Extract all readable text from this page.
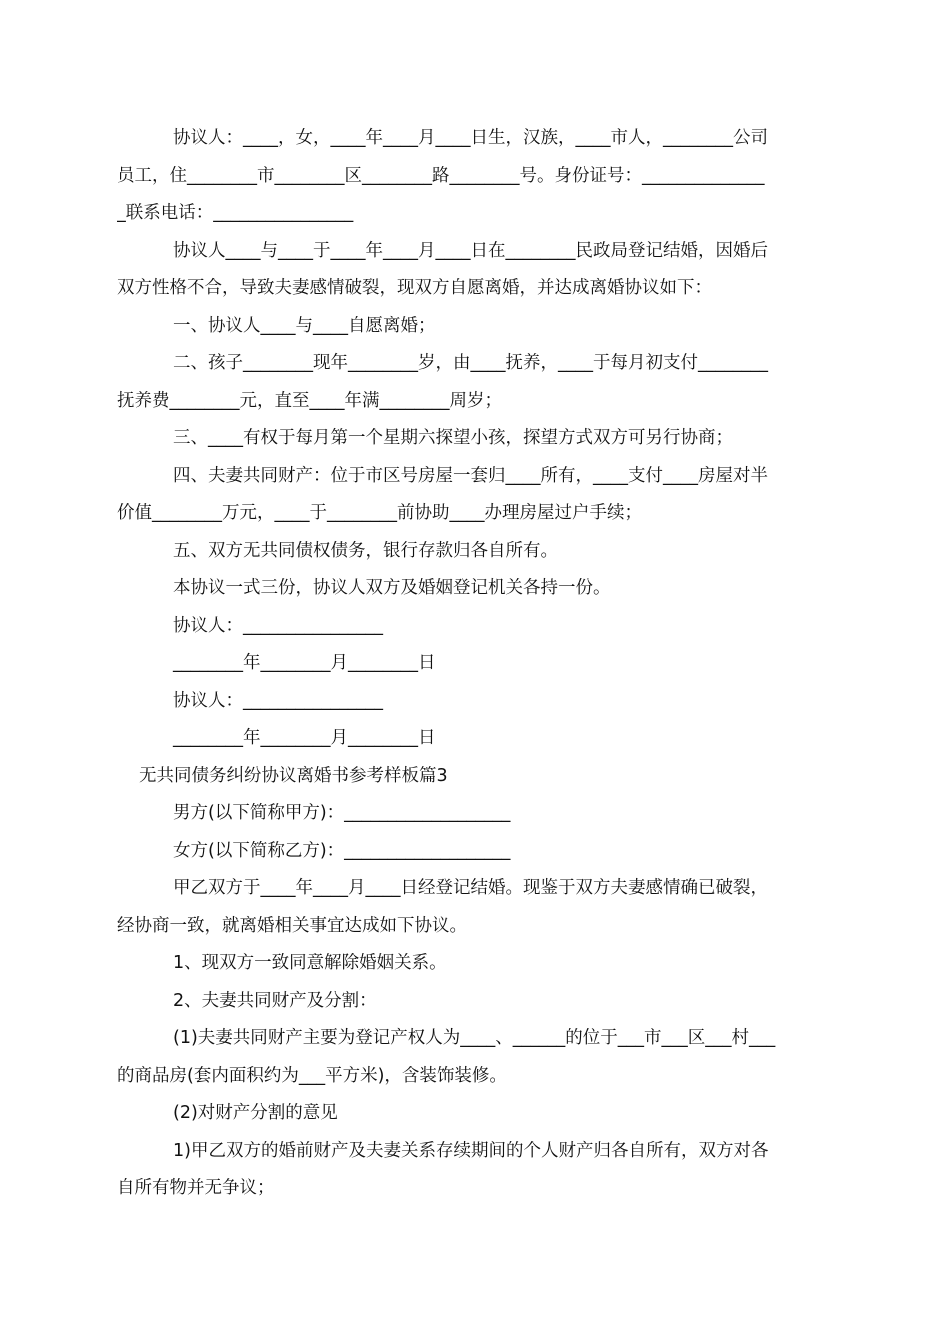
协议人：____，女，____年____月____日生，汉族，____市人，________公司

员工，住________市________区________路________号。身份证号：______________

_联系电话：________________

协议人____与____于____年____月____日在________民政局登记结婚，因婚后

双方性格不合，导致夫妻感情破裂，现双方自愿离婚，并达成离婚协议如下：

一、协议人____与____自愿离婚；

二、孩子________现年________岁，由____抚养，____于每月初支付________

抚养费________元，直至____年满________周岁；

三、____有权于每月第一个星期六探望小孩，探望方式双方可另行协商；

四、夫妻共同财产：位于市区号房屋一套归____所有，____支付____房屋对半

价值________万元，____于________前协助____办理房屋过户手续；

五、双方无共同债权债务，银行存款归各自所有。

本协议一式三份，协议人双方及婚姻登记机关各持一份。

协议人：________________

________年________月________日

协议人：________________

________年________月________日

无共同债务纠纷协议离婚书参考样板篇3

男方(以下简称甲方)：___________________

女方(以下简称乙方)：___________________

甲乙双方于____年____月____日经登记结婚。现鉴于双方夫妻感情确已破裂，

经协商一致，就离婚相关事宜达成如下协议。

1、现双方一致同意解除婚姻关系。

2、夫妻共同财产及分割：

(1)夫妻共同财产主要为登记产权人为____、______的位于___市___区___村___

的商品房(套内面积约为___平方米)，含装饰装修。

(2)对财产分割的意见

1)甲乙双方的婚前财产及夫妻关系存续期间的个人财产归各自所有，双方对各

自所有物并无争议；
